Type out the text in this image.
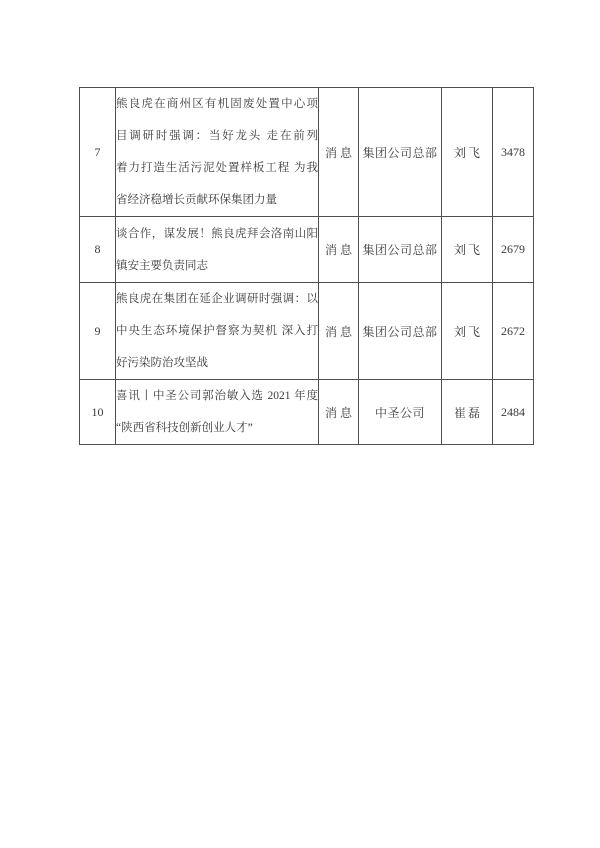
7	熊良虎在商州区有机固废处置中心项
目调研时强调：当好龙头 走在前列
着力打造生活污泥处置样板工程 为我
省经济稳增长贡献环保集团力量	消息	集团公司总部	刘飞	3478
8	谈合作，谋发展！熊良虎拜会洛南山阳
镇安主要负责同志	消息	集团公司总部	刘飞	2679
9	熊良虎在集团在延企业调研时强调：以
中央生态环境保护督察为契机 深入打
好污染防治攻坚战	消息	集团公司总部	刘飞	2672
10	喜讯丨中圣公司郭治敏入选 2021 年度
“陕西省科技创新创业人才”	消息	中圣公司	崔磊	2484
